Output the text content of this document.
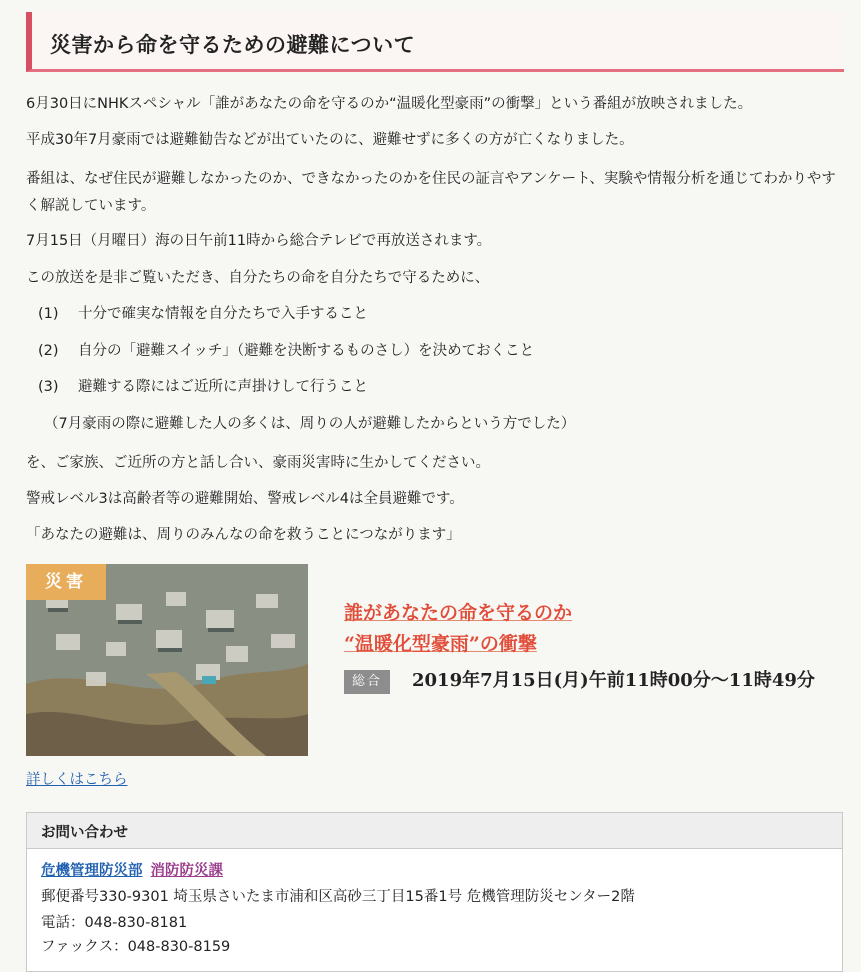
災害から命を守るための避難について
6月30日にNHKスペシャル「誰があなたの命を守るのか“温暖化型豪雨”の衝撃」という番組が放映されました。
平成30年7月豪雨では避難勧告などが出ていたのに、避難せずに多くの方が亡くなりました。
番組は、なぜ住民が避難しなかったのか、できなかったのかを住民の証言やアンケート、実験や情報分析を通じてわかりやすく解説しています。
7月15日（月曜日）海の日午前11時から総合テレビで再放送されます。
この放送を是非ご覧いただき、自分たちの命を自分たちで守るために、
(1) 十分で確実な情報を自分たちで入手すること
(2) 自分の「避難スイッチ」（避難を決断するものさし）を決めておくこと
(3) 避難する際にはご近所に声掛けして行うこと
（7月豪雨の際に避難した人の多くは、周りの人が避難したからという方でした）
を、ご家族、ご近所の方と話し合い、豪雨災害時に生かしてください。
警戒レベル3は高齢者等の避難開始、警戒レベル4は全員避難です。
「あなたの避難は、周りのみんなの命を救うことにつながります」
災害
誰があなたの命を守るのか
“温暖化型豪雨”の衝撃
総合	2019年7月15日(月)午前11時00分～11時49分
詳しくはこちら
お問い合わせ
危機管理防災部 消防防災課
郵便番号330-9301 埼玉県さいたま市浦和区高砂三丁目15番1号 危機管理防災センター2階
電話：048-830-8181
ファックス：048-830-8159
